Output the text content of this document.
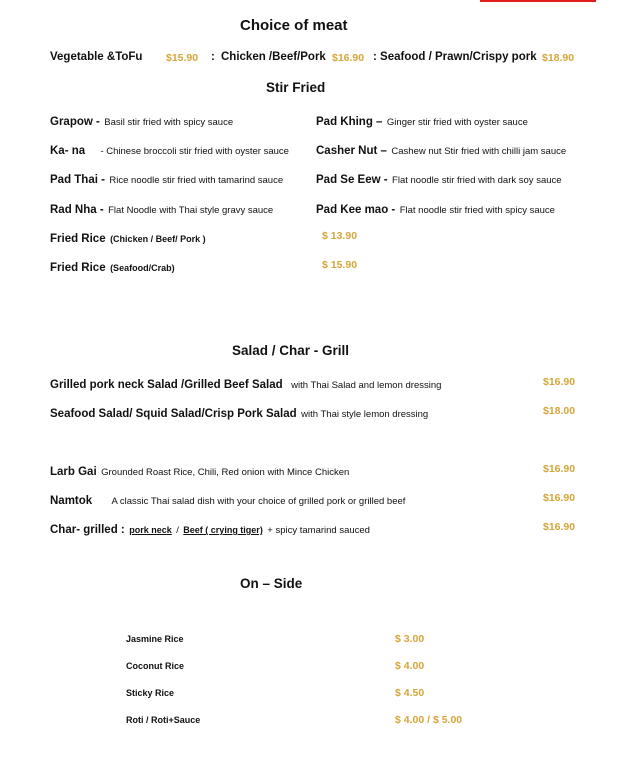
Choice of meat
Vegetable &ToFu $15.90 : Chicken /Beef/Pork $16.90 : Seafood / Prawn/Crispy pork $18.90
Stir Fried
Grapow - Basil stir fried with spicy sauce
Ka- na - Chinese broccoli stir fried with oyster sauce
Pad Thai - Rice noodle stir fried with tamarind sauce
Rad Nha - Flat Noodle with Thai style gravy sauce
Pad Khing – Ginger stir fried with oyster sauce
Casher Nut – Cashew nut Stir fried with chilli jam sauce
Pad Se Eew - Flat noodle stir fried with dark soy sauce
Pad Kee mao - Flat noodle stir fried with spicy sauce
Fried Rice (Chicken / Beef/ Pork )	$ 13.90
Fried Rice (Seafood/Crab)	$ 15.90
Salad / Char - Grill
Grilled pork neck Salad /Grilled Beef Salad with Thai Salad and lemon dressing	$16.90
Seafood Salad/ Squid Salad/Crisp Pork Salad with Thai style lemon dressing	$18.00
Larb Gai Grounded Roast Rice, Chili, Red onion with Mince Chicken	$16.90
Namtok A classic Thai salad dish with your choice of grilled pork or grilled beef	$16.90
Char- grilled : pork neck / Beef ( crying tiger) + spicy tamarind sauced	$16.90
On – Side
Jasmine Rice	$ 3.00
Coconut Rice	$ 4.00
Sticky Rice	$ 4.50
Roti / Roti+Sauce	$ 4.00 / $ 5.00
